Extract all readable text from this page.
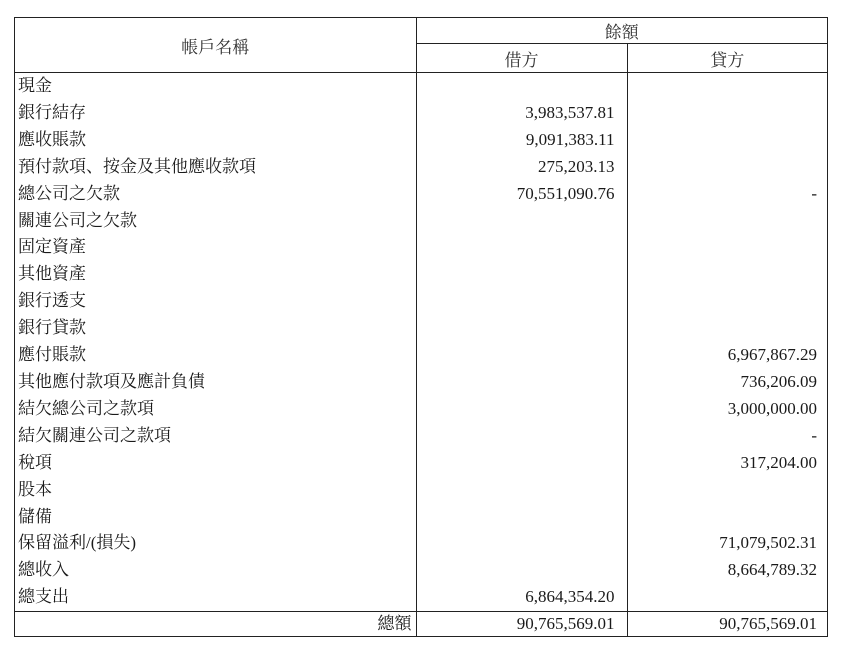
帳戶名稱	餘額	
	借方	貸方
現金		
銀行結存	3,983,537.81	
應收賬款	9,091,383.11	
預付款項、按金及其他應收款項	275,203.13	
總公司之欠款	70,551,090.76	-
關連公司之欠款		
固定資產		
其他資產		
銀行透支		
銀行貸款		
應付賬款		6,967,867.29
其他應付款項及應計負債		736,206.09
結欠總公司之款項		3,000,000.00
結欠關連公司之款項		-
稅項		317,204.00
股本		
儲備		
保留溢利/(損失)		71,079,502.31
總收入		8,664,789.32
總支出	6,864,354.20	
總額	90,765,569.01	90,765,569.01
